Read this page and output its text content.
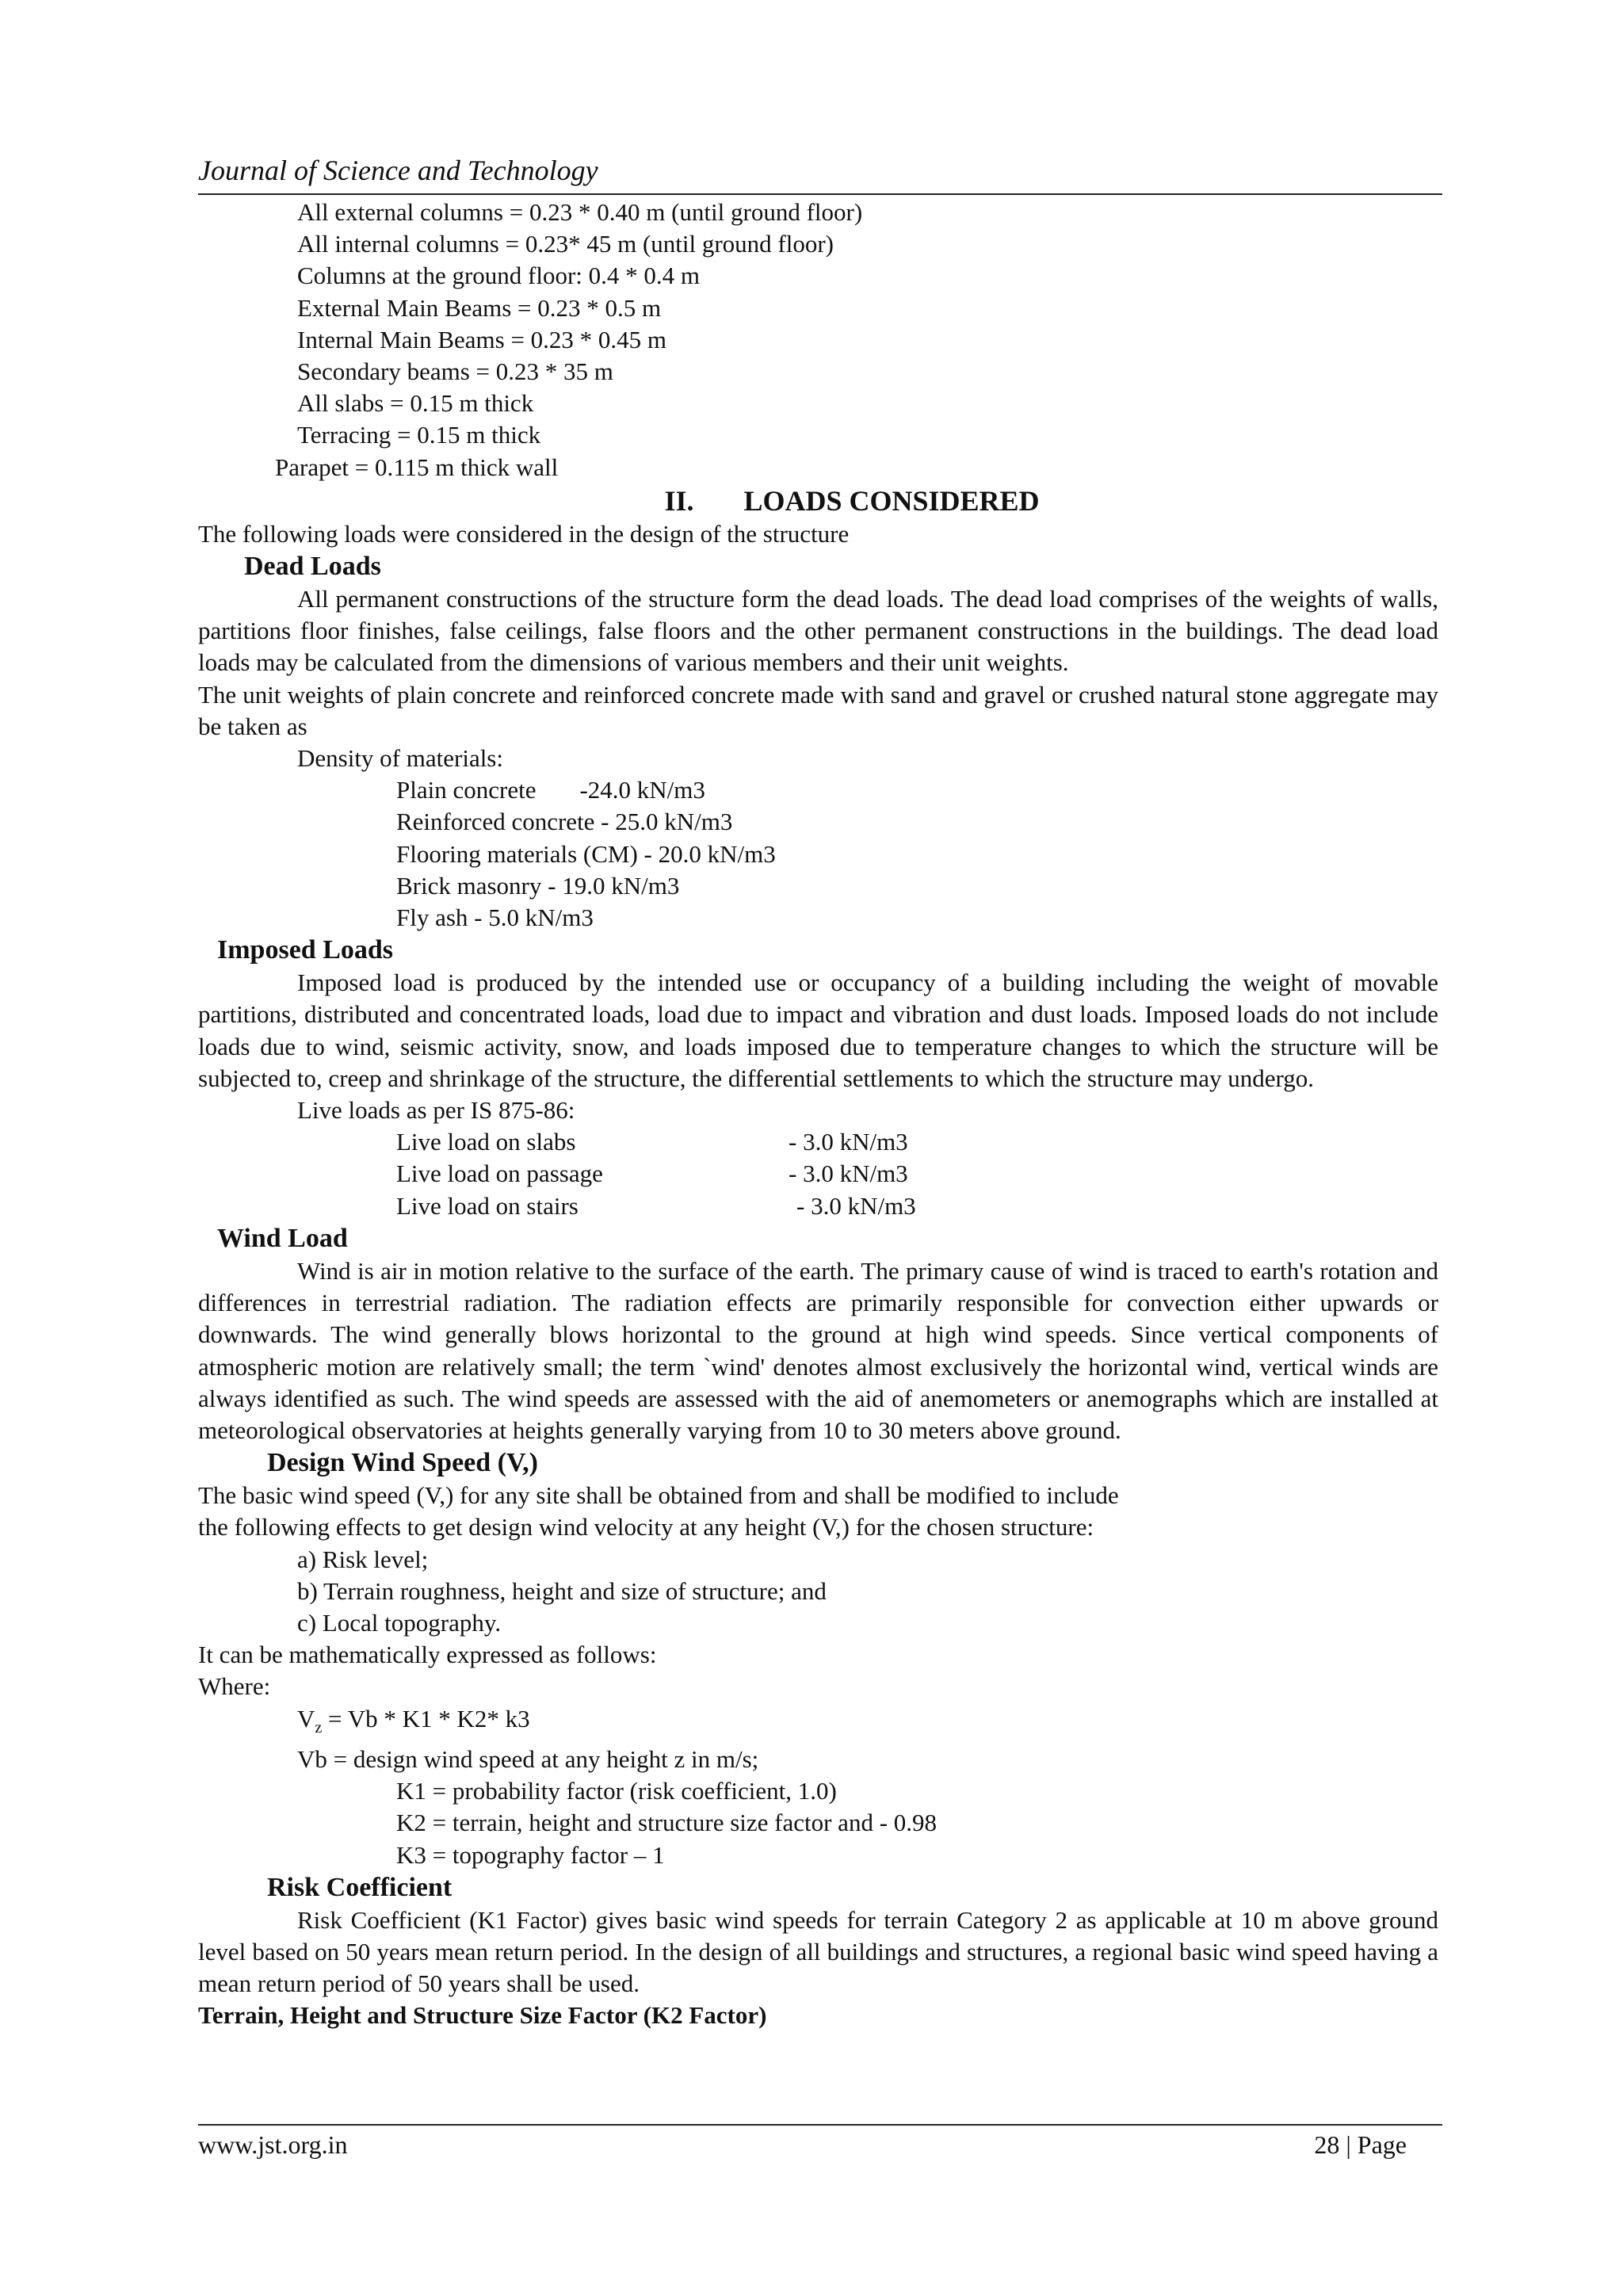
Journal of Science and Technology
All external columns = 0.23 * 0.40 m (until ground floor)
All internal columns = 0.23* 45 m (until ground floor)
Columns at the ground floor: 0.4 * 0.4 m
External Main Beams = 0.23 * 0.5 m
Internal Main Beams = 0.23 * 0.45 m
Secondary beams = 0.23 * 35 m
All slabs = 0.15 m thick
Terracing = 0.15 m thick
Parapet = 0.115 m thick wall
II. LOADS CONSIDERED
The following loads were considered in the design of the structure
Dead Loads
All permanent constructions of the structure form the dead loads. The dead load comprises of the weights of walls, partitions floor finishes, false ceilings, false floors and the other permanent constructions in the buildings. The dead load loads may be calculated from the dimensions of various members and their unit weights.
The unit weights of plain concrete and reinforced concrete made with sand and gravel or crushed natural stone aggregate may be taken as
Density of materials:
Plain concrete -24.0 kN/m3
Reinforced concrete - 25.0 kN/m3
Flooring materials (CM) - 20.0 kN/m3
Brick masonry - 19.0 kN/m3
Fly ash - 5.0 kN/m3
Imposed Loads
Imposed load is produced by the intended use or occupancy of a building including the weight of movable partitions, distributed and concentrated loads, load due to impact and vibration and dust loads. Imposed loads do not include loads due to wind, seismic activity, snow, and loads imposed due to temperature changes to which the structure will be subjected to, creep and shrinkage of the structure, the differential settlements to which the structure may undergo.
Live loads as per IS 875-86:
Live load on slabs	- 3.0 kN/m3
Live load on passage	- 3.0 kN/m3
Live load on stairs	- 3.0 kN/m3
Wind Load
Wind is air in motion relative to the surface of the earth. The primary cause of wind is traced to earth's rotation and differences in terrestrial radiation. The radiation effects are primarily responsible for convection either upwards or downwards. The wind generally blows horizontal to the ground at high wind speeds. Since vertical components of atmospheric motion are relatively small; the term `wind' denotes almost exclusively the horizontal wind, vertical winds are always identified as such. The wind speeds are assessed with the aid of anemometers or anemographs which are installed at meteorological observatories at heights generally varying from 10 to 30 meters above ground.
Design Wind Speed (V,)
The basic wind speed (V,) for any site shall be obtained from and shall be modified to include
the following effects to get design wind velocity at any height (V,) for the chosen structure:
a) Risk level;
b) Terrain roughness, height and size of structure; and
c) Local topography.
It can be mathematically expressed as follows:
Where:
$V_z = Vb * K1 * K2*$ k3
Vb = design wind speed at any height z in m/s;
K1 = probability factor (risk coefficient, 1.0)
K2 = terrain, height and structure size factor and - 0.98
K3 = topography factor – 1
Risk Coefficient
Risk Coefficient (K1 Factor) gives basic wind speeds for terrain Category 2 as applicable at 10 m above ground level based on 50 years mean return period. In the design of all buildings and structures, a regional basic wind speed having a mean return period of 50 years shall be used.
Terrain, Height and Structure Size Factor (K2 Factor)
www.jst.org.in	28 | Page
